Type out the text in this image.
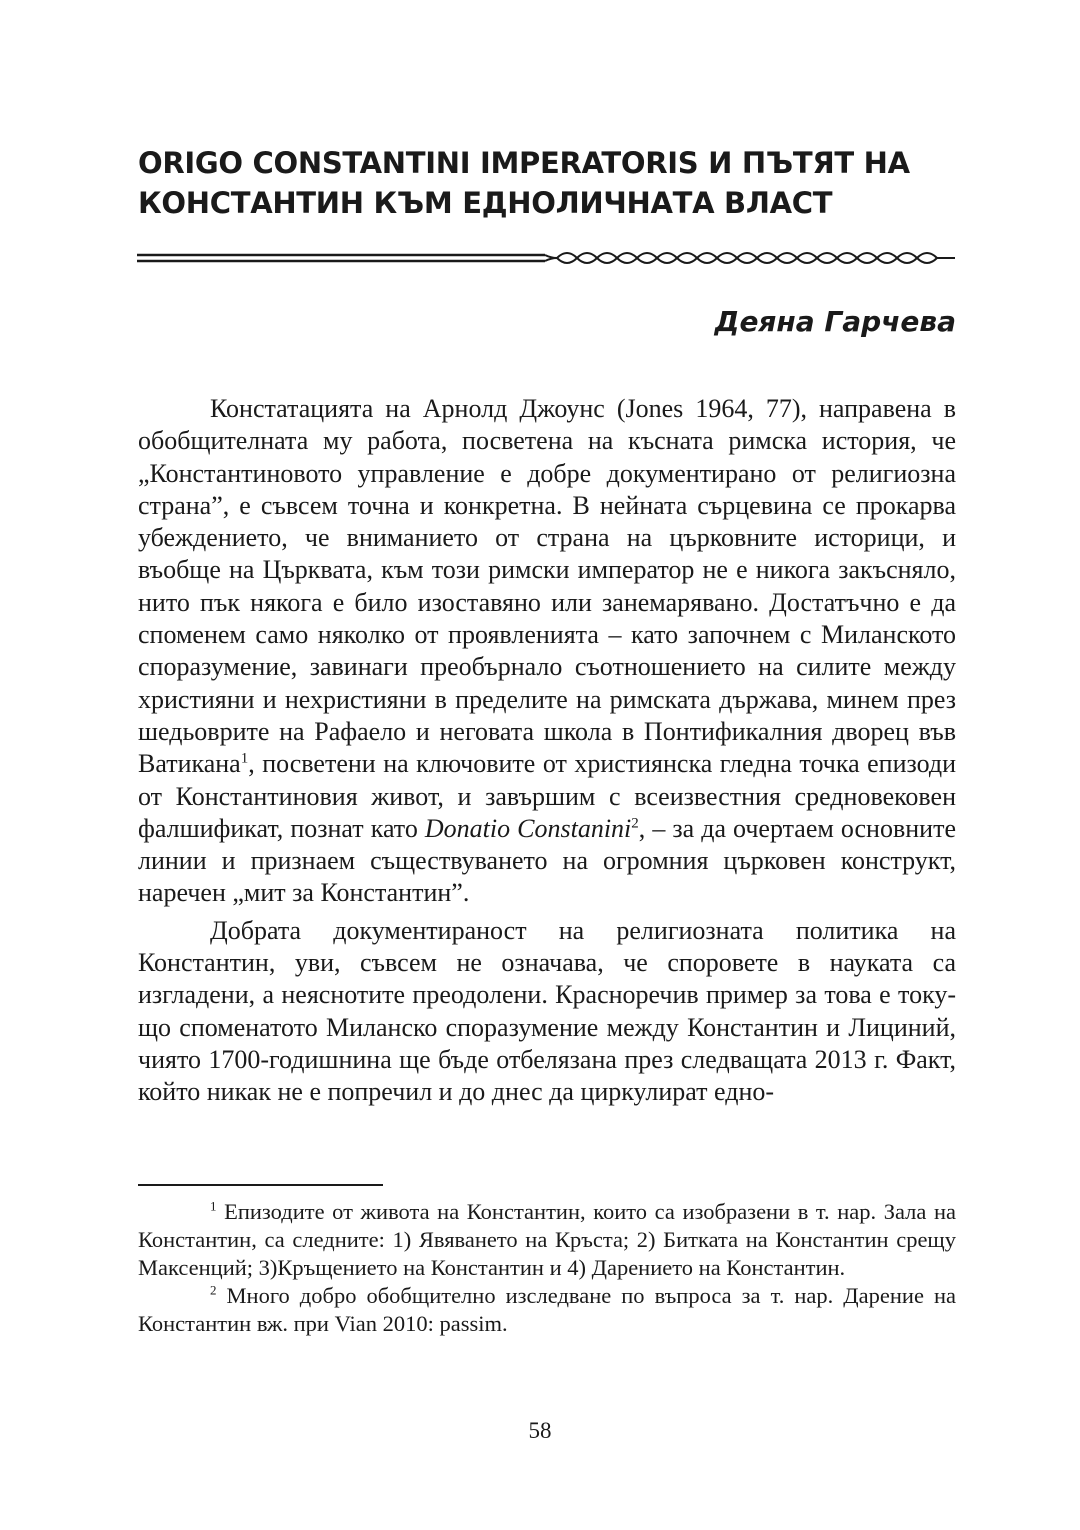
ORIGO CONSTANTINI IMPERATORIS И ПЪТЯТ НА
КОНСТАНТИН КЪМ ЕДНОЛИЧНАТА ВЛАСТ
Деяна Гарчева

Констатацията на Арнолд Джоунс (Jones 1964, 77), направена в обобщителната му работа, посветена на късната римска история, че „Константиновото управление е добре документирано от религиозна страна”, е съвсем точна и конкретна. В нейната сърцевина се прокарва убеждението, че вниманието от страна на църковните историци, и въобще на Църквата, към този римски император не е никога закъсняло, нито пък някога е било изоставяно или занемарявано. Достатъчно е да споменем само няколко от проявленията – като започнем с Миланското споразумение, завинаги преобърнало съотношението на силите между християни и нехристияни в пределите на римската държава, минем през шедьоврите на Рафаело и неговата школа в Понтификалния дворец във Ватикана$^1$, посветени на ключовите от християнска гледна точка епизоди от Константиновия живот, и завършим с всеизвестния средновековен фалшификат, познат като Donatio Constanini$^2$, – за да очертаем основните линии и признаем съществуването на огромния църковен конструкт, наречен „мит за Константин”.

Добрата документираност на религиозната политика на Константин, уви, съвсем не означава, че споровете в науката са изгладени, а неяснотите преодолени. Красноречив пример за това е току-що споменатото Миланско споразумение между Константин и Лициний, чиято 1700-годишнина ще бъде отбелязана през следващата 2013 г. Факт, който никак не е попречил и до днес да циркулират едно-

$^1$ Епизодите от живота на Константин, които са изобразени в т. нар. Зала на Константин, са следните: 1) Явяването на Кръста; 2) Битката на Константин срещу Максенций; 3)Кръщението на Константин и 4) Дарението на Константин.

$^2$ Много добро обобщително изследване по въпроса за т. нар. Дарение на Константин вж. при Vian 2010: passim.

58
